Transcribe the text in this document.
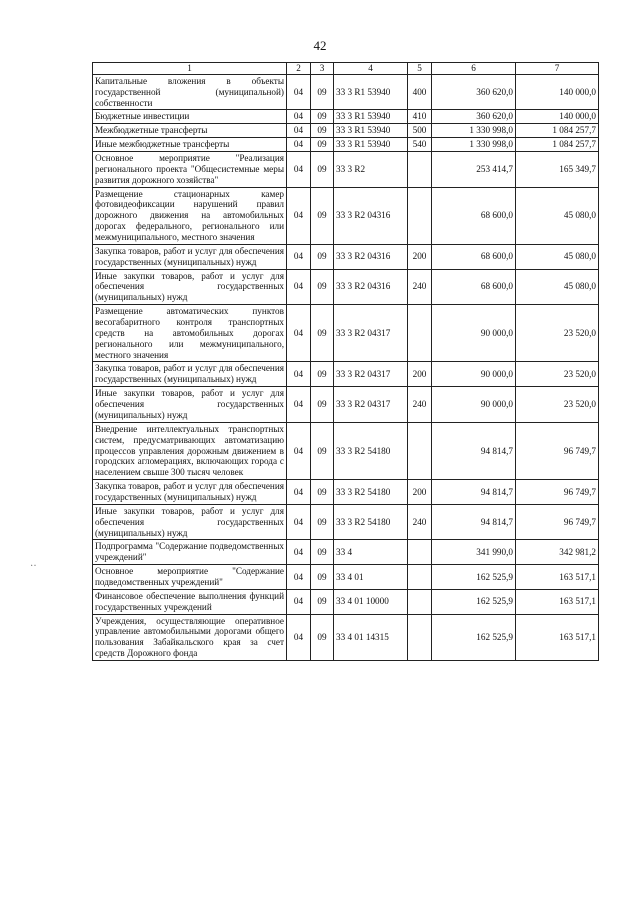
42
‥
1	2	3	4	5	6	7
Капитальные вложения в объекты государственной (муниципальной) собственности	04	09	33 3 R1 53940	400	360 620,0	140 000,0
Бюджетные инвестиции	04	09	33 3 R1 53940	410	360 620,0	140 000,0
Межбюджетные трансферты	04	09	33 3 R1 53940	500	1 330 998,0	1 084 257,7
Иные межбюджетные трансферты	04	09	33 3 R1 53940	540	1 330 998,0	1 084 257,7
Основное мероприятие "Реализация регионального проекта "Общесистемные меры развития дорожного хозяйства"	04	09	33 3 R2		253 414,7	165 349,7
Размещение стационарных камер фотовидеофиксации нарушений правил дорожного движения на автомобильных дорогах федерального, регионального или межмуниципального, местного значения	04	09	33 3 R2 04316		68 600,0	45 080,0
Закупка товаров, работ и услуг для обеспечения государственных (муниципальных) нужд	04	09	33 3 R2 04316	200	68 600,0	45 080,0
Иные закупки товаров, работ и услуг для обеспечения государственных (муниципальных) нужд	04	09	33 3 R2 04316	240	68 600,0	45 080,0
Размещение автоматических пунктов весогабаритного контроля транспортных средств на автомобильных дорогах регионального или межмуниципального, местного значения	04	09	33 3 R2 04317		90 000,0	23 520,0
Закупка товаров, работ и услуг для обеспечения государственных (муниципальных) нужд	04	09	33 3 R2 04317	200	90 000,0	23 520,0
Иные закупки товаров, работ и услуг для обеспечения государственных (муниципальных) нужд	04	09	33 3 R2 04317	240	90 000,0	23 520,0
Внедрение интеллектуальных транспортных систем, предусматривающих автоматизацию процессов управления дорожным движением в городских агломерациях, включающих города с населением свыше 300 тысяч человек	04	09	33 3 R2 54180		94 814,7	96 749,7
Закупка товаров, работ и услуг для обеспечения государственных (муниципальных) нужд	04	09	33 3 R2 54180	200	94 814,7	96 749,7
Иные закупки товаров, работ и услуг для обеспечения государственных (муниципальных) нужд	04	09	33 3 R2 54180	240	94 814,7	96 749,7
Подпрограмма "Содержание подведомственных учреждений"	04	09	33 4		341 990,0	342 981,2
Основное мероприятие "Содержание подведомственных учреждений"	04	09	33 4 01		162 525,9	163 517,1
Финансовое обеспечение выполнения функций государственных учреждений	04	09	33 4 01 10000		162 525,9	163 517,1
Учреждения, осуществляющие оперативное управление автомобильными дорогами общего пользования Забайкальского края за счет средств Дорожного фонда	04	09	33 4 01 14315		162 525,9	163 517,1
